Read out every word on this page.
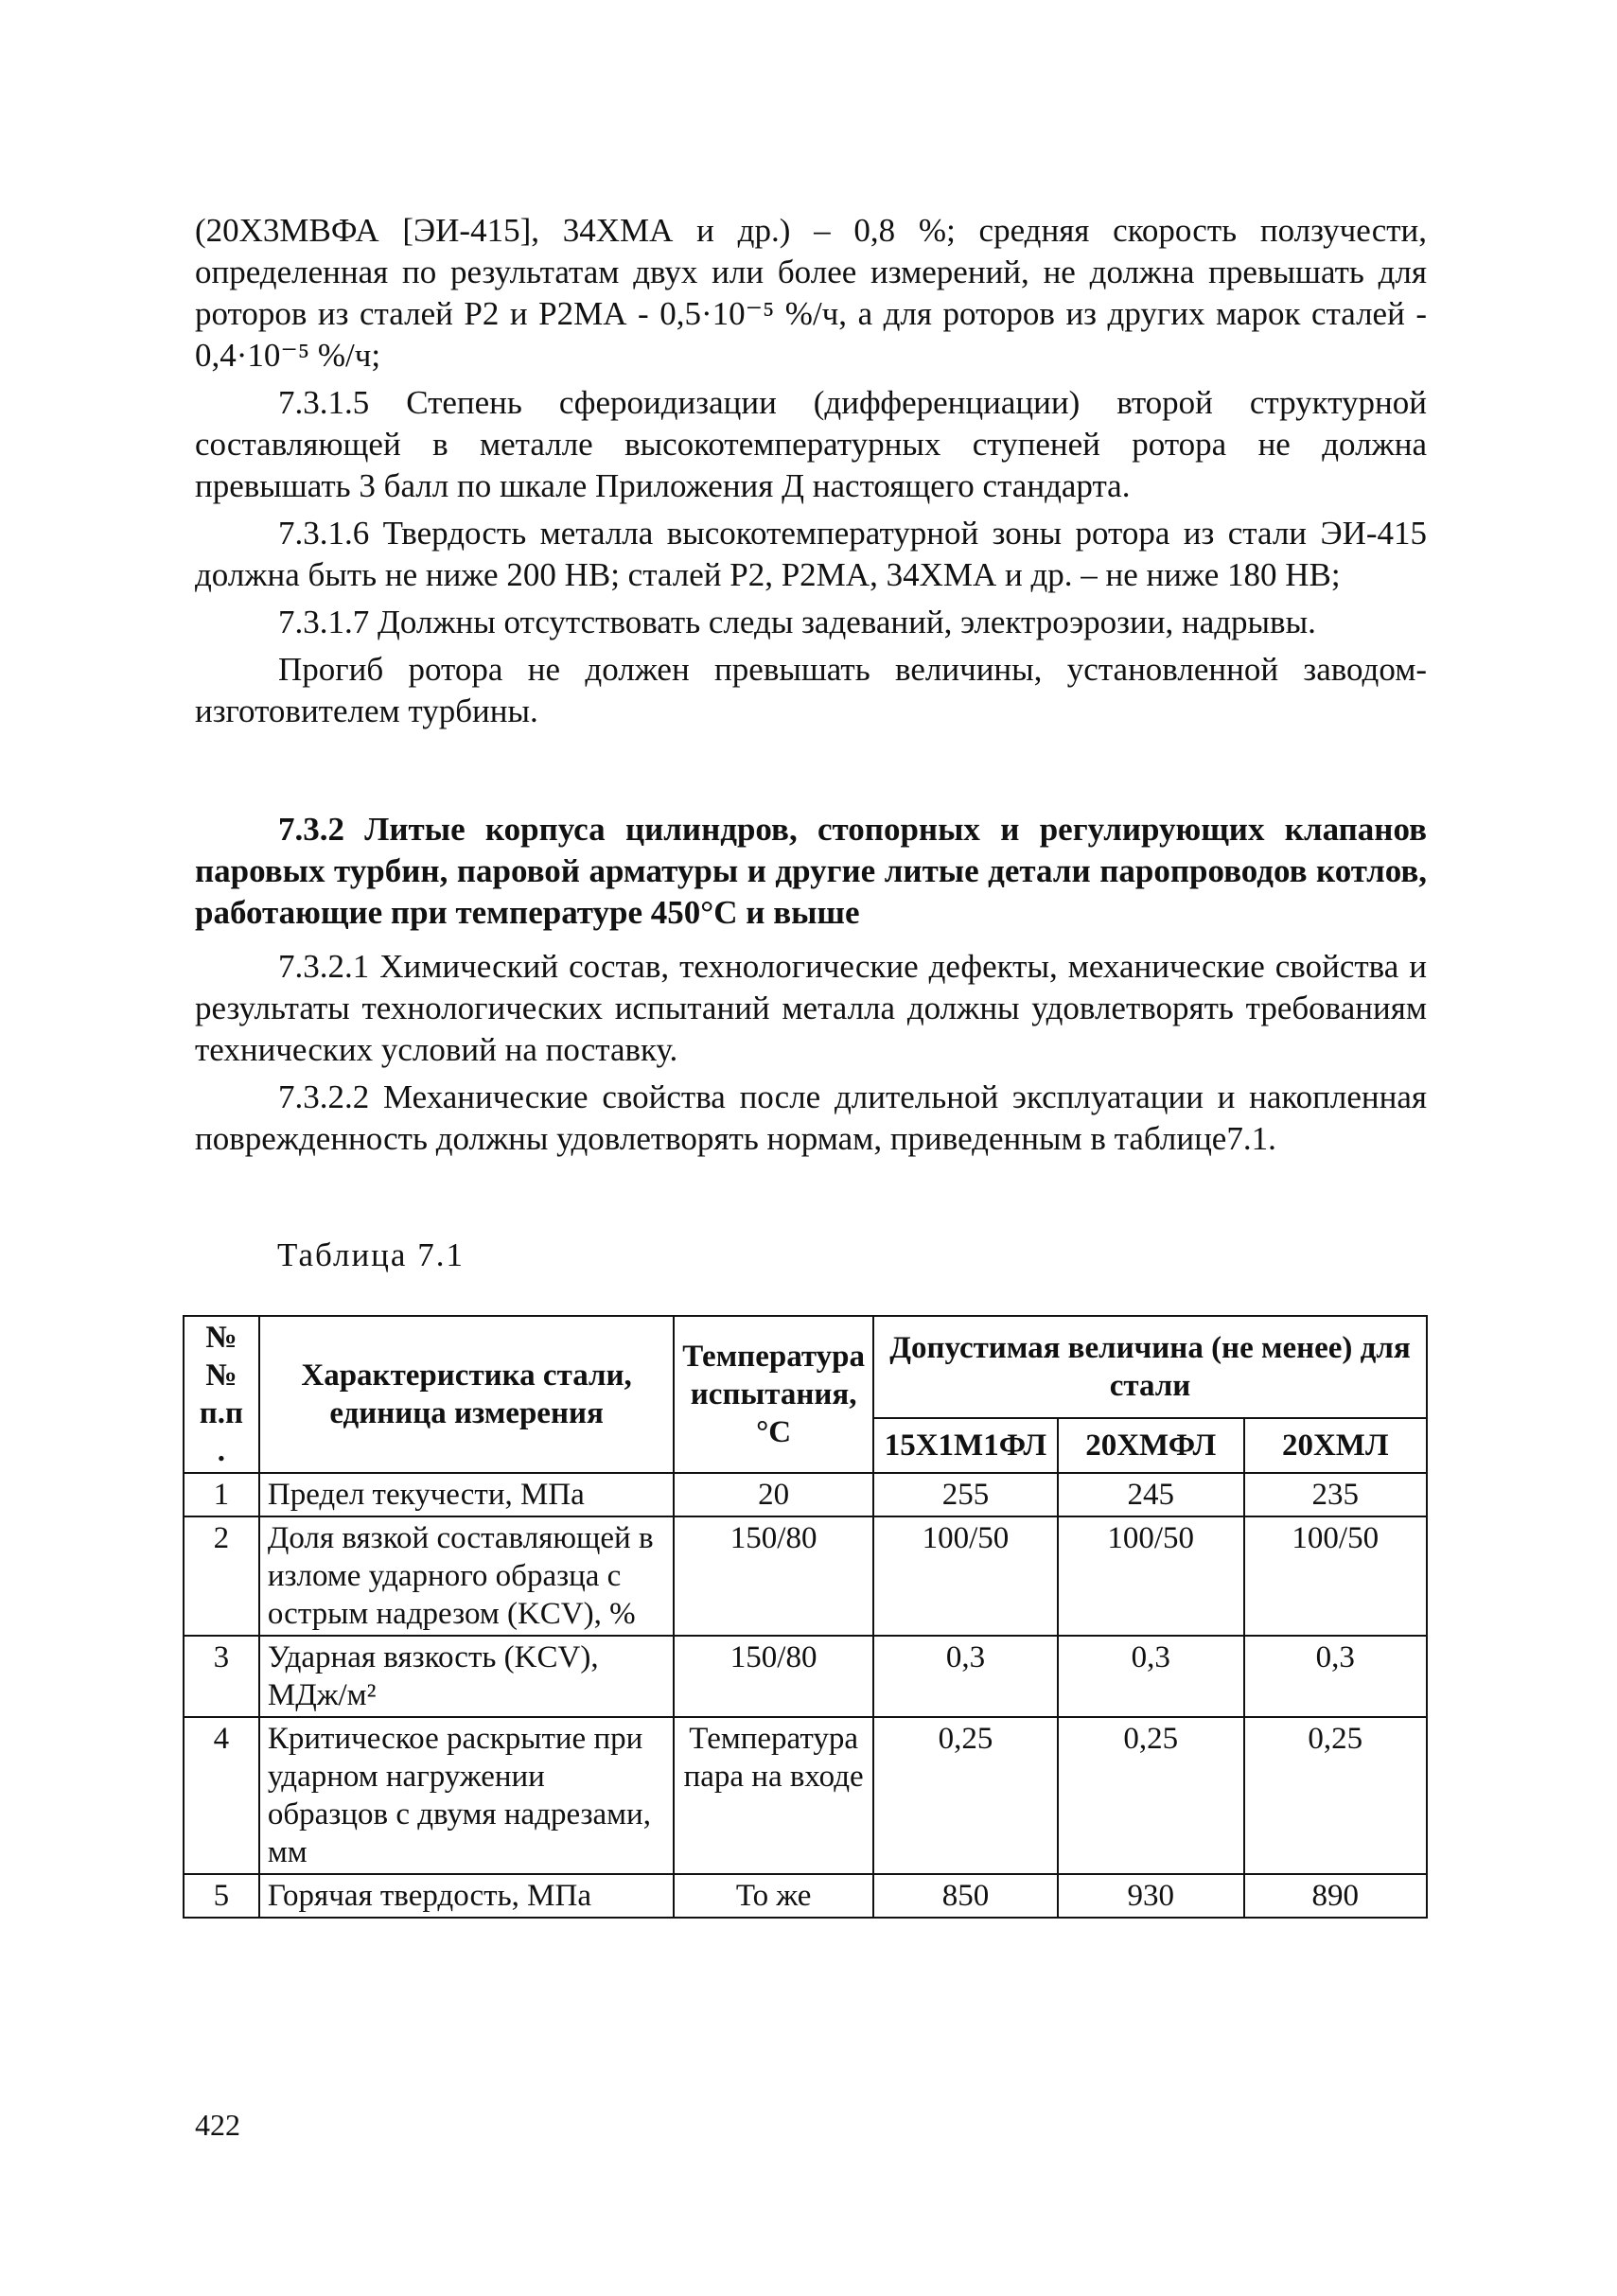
(20Х3МВФА [ЭИ-415], 34ХМА и др.) – 0,8 %; средняя скорость ползучести, определенная по результатам двух или более измерений, не должна превышать для роторов из сталей Р2 и Р2МА - 0,5·10⁻⁵ %/ч, а для роторов из других марок сталей - 0,4·10⁻⁵ %/ч;

7.3.1.5 Степень сфероидизации (дифференциации) второй структурной составляющей в металле высокотемпературных ступеней ротора не должна превышать 3 балл по шкале Приложения Д настоящего стандарта.

7.3.1.6 Твердость металла высокотемпературной зоны ротора из стали ЭИ-415 должна быть не ниже 200 НВ; сталей Р2, Р2МА, 34ХМА и др. – не ниже 180 НВ;

7.3.1.7 Должны отсутствовать следы задеваний, электроэрозии, надрывы.

Прогиб ротора не должен превышать величины, установленной заводом-изготовителем турбины.

7.3.2 Литые корпуса цилиндров, стопорных и регулирующих клапанов паровых турбин, паровой арматуры и другие литые детали паропроводов котлов, работающие при температуре 450°С и выше

7.3.2.1 Химический состав, технологические дефекты, механические свойства и результаты технологических испытаний металла должны удовлетворять требованиям технических условий на поставку.

7.3.2.2 Механические свойства после длительной эксплуатации и накопленная поврежденность должны удовлетворять нормам, приведенным в таблице7.1.

Таблица 7.1
№ № п.п .	Характеристика стали, единица измерения	Температура испытания, °С	Допустимая величина (не менее) для стали		
			15Х1М1ФЛ	20ХМФЛ	20ХМЛ
1	Предел текучести, МПа	20	255	245	235
2	Доля вязкой составляющей в изломе ударного образца с острым надрезом (KCV), %	150/80	100/50	100/50	100/50
3	Ударная вязкость (KCV), МДж/м²	150/80	0,3	0,3	0,3
4	Критическое раскрытие при ударном нагружении образцов с двумя надрезами, мм	Температура пара на входе	0,25	0,25	0,25
5	Горячая твердость, МПа	То же	850	930	890
422
